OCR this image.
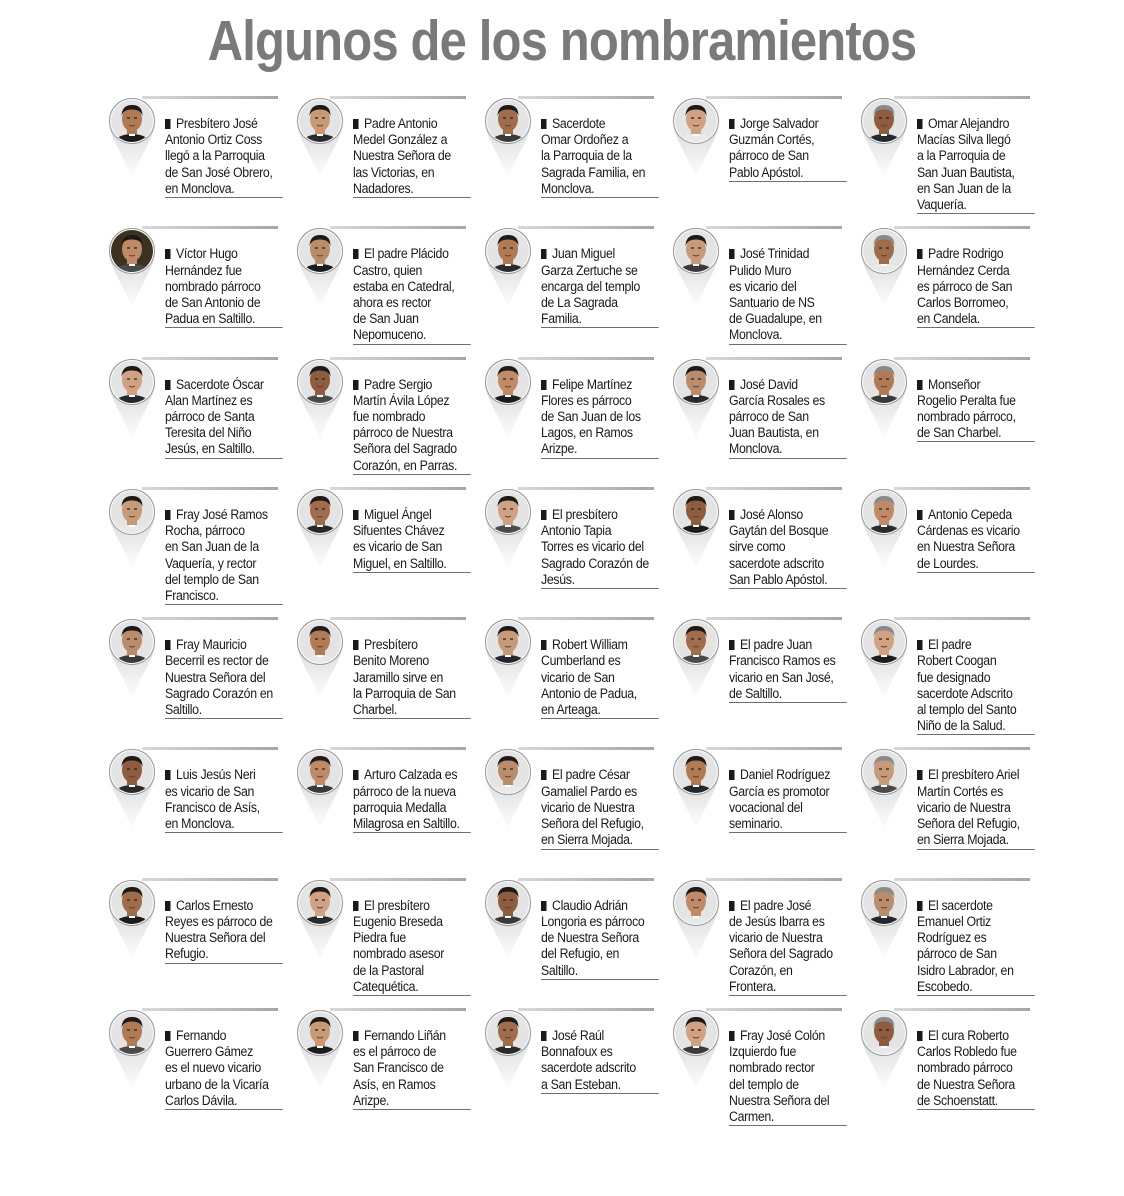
Algunos de los nombramientos
Presbítero José
Antonio Ortiz Coss
llegó a la Parroquia
de San José Obrero,
en Monclova.
Padre Antonio
Medel González a
Nuestra Señora de
las Victorias, en
Nadadores.
Sacerdote
Omar Ordoñez a
la Parroquia de la
Sagrada Familia, en
Monclova.
Jorge Salvador
Guzmán Cortés,
párroco de San
Pablo Apóstol.
Omar Alejandro
Macías Silva llegó
a la Parroquia de
San Juan Bautista,
en San Juan de la
Vaquería.
Víctor Hugo
Hernández fue
nombrado párroco
de San Antonio de
Padua en Saltillo.
El padre Plácido
Castro, quien
estaba en Catedral,
ahora es rector
de San Juan
Nepomuceno.
Juan Miguel
Garza Zertuche se
encarga del templo
de La Sagrada
Familia.
José Trinidad
Pulido Muro
es vicario del
Santuario de NS
de Guadalupe, en
Monclova.
Padre Rodrigo
Hernández Cerda
es párroco de San
Carlos Borromeo,
en Candela.
Sacerdote Óscar
Alan Martínez es
párroco de Santa
Teresita del Niño
Jesús, en Saltillo.
Padre Sergio
Martín Ávila López
fue nombrado
párroco de Nuestra
Señora del Sagrado
Corazón, en Parras.
Felipe Martínez
Flores es párroco
de San Juan de los
Lagos, en Ramos
Arizpe.
José David
García Rosales es
párroco de San
Juan Bautista, en
Monclova.
Monseñor
Rogelio Peralta fue
nombrado párroco,
de San Charbel.
Fray José Ramos
Rocha, párroco
en San Juan de la
Vaquería, y rector
del templo de San
Francisco.
Miguel Ángel
Sifuentes Chávez
es vicario de San
Miguel, en Saltillo.
El presbítero
Antonio Tapia
Torres es vicario del
Sagrado Corazón de
Jesús.
José Alonso
Gaytán del Bosque
sirve como
sacerdote adscrito
San Pablo Apóstol.
Antonio Cepeda
Cárdenas es vicario
en Nuestra Señora
de Lourdes.
Fray Mauricio
Becerril es rector de
Nuestra Señora del
Sagrado Corazón en
Saltillo.
Presbítero
Benito Moreno
Jaramillo sirve en
la Parroquia de San
Charbel.
Robert William
Cumberland es
vicario de San
Antonio de Padua,
en Arteaga.
El padre Juan
Francisco Ramos es
vicario en San José,
de Saltillo.
El padre
Robert Coogan
fue designado
sacerdote Adscrito
al templo del Santo
Niño de la Salud.
Luis Jesús Neri
es vicario de San
Francisco de Asís,
en Monclova.
Arturo Calzada es
párroco de la nueva
parroquia Medalla
Milagrosa en Saltillo.
El padre César
Gamaliel Pardo es
vicario de Nuestra
Señora del Refugio,
en Sierra Mojada.
Daniel Rodríguez
García es promotor
vocacional del
seminario.
El presbítero Ariel
Martín Cortés es
vicario de Nuestra
Señora del Refugio,
en Sierra Mojada.
Carlos Ernesto
Reyes es párroco de
Nuestra Señora del
Refugio.
El presbítero
Eugenio Breseda
Piedra fue
nombrado asesor
de la Pastoral
Catequética.
Claudio Adrián
Longoria es párroco
de Nuestra Señora
del Refugio, en
Saltillo.
El padre José
de Jesús Ibarra es
vicario de Nuestra
Señora del Sagrado
Corazón, en
Frontera.
El sacerdote
Emanuel Ortiz
Rodríguez es
párroco de San
Isidro Labrador, en
Escobedo.
Fernando
Guerrero Gámez
es el nuevo vicario
urbano de la Vicaría
Carlos Dávila.
Fernando Liñán
es el párroco de
San Francisco de
Asís, en Ramos
Arizpe.
José Raúl
Bonnafoux es
sacerdote adscrito
a San Esteban.
Fray José Colón
Izquierdo fue
nombrado rector
del templo de
Nuestra Señora del
Carmen.
El cura Roberto
Carlos Robledo fue
nombrado párroco
de Nuestra Señora
de Schoenstatt.
